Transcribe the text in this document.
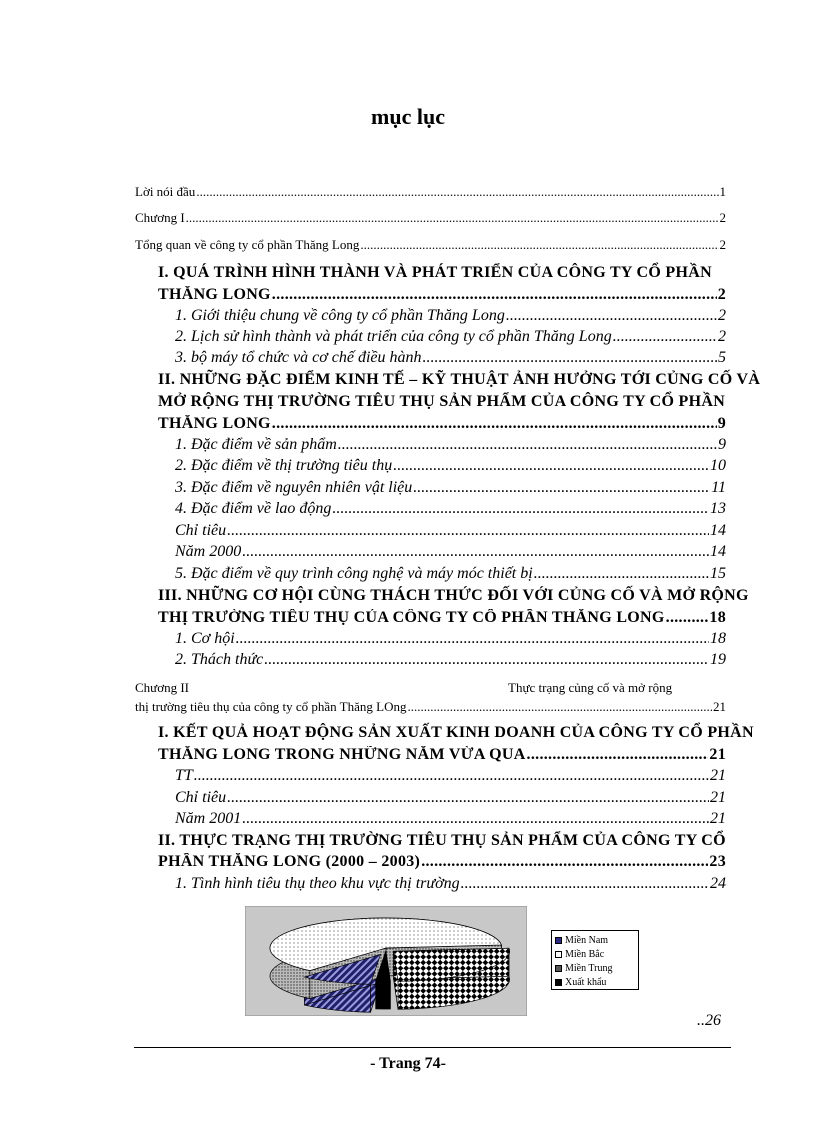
mục lục
Lời nói đầu .....	1
Chương I .....	2
Tổng quan về công ty cổ phần Thăng Long .....	2
I. QUÁ TRÌNH HÌNH THÀNH VÀ PHÁT TRIỂN CỦA CÔNG TY CỔ PHẦN
THĂNG LONG .....	2
1. Giới thiệu chung về công ty cổ phần Thăng Long .....	2
2. Lịch sử hình thành và phát triển của công ty cổ phần Thăng Long .....	2
3. bộ máy tổ chức và cơ chế điều hành .....	5
II. NHỮNG ĐẶC ĐIỂM KINH TẾ – KỸ THUẬT ẢNH HƯỞNG TỚI CỦNG CỐ VÀ
MỞ RỘNG THỊ TRƯỜNG TIÊU THỤ SẢN PHẨM CỦA CÔNG TY CỔ PHẦN
THĂNG LONG .....	9
1. Đặc điểm về sản phẩm .....	9
2. Đặc điểm về thị trường tiêu thụ .....	10
3. Đặc điểm về nguyên nhiên vật liệu .....	11
4. Đặc điểm về lao động .....	13
Chỉ tiêu .....	14
Năm 2000 .....	14
5. Đặc điểm về quy trình công nghệ và máy móc thiết bị .....	15
III. NHỮNG CƠ HỘI CÙNG THÁCH THỨC ĐỐI VỚI CỦNG CỐ VÀ MỞ RỘNG
THỊ TRƯỜNG TIÊU THỤ CỦA CÔNG TY CỔ PHẦN THĂNG LONG .....	18
1. Cơ hội .....	18
2. Thách thức .....	19
Chương II	Thực trạng củng cố và mở rộng
thị trường tiêu thụ của công ty cổ phần Thăng LOng .....	21
I. KẾT QUẢ HOẠT ĐỘNG SẢN XUẤT KINH DOANH CỦA CÔNG TY CỔ PHẦN
THĂNG LONG TRONG NHỮNG NĂM VỪA QUA .....	21
TT .....	21
Chỉ tiêu .....	21
Năm 2001 .....	21
II. THỰC TRẠNG THỊ TRƯỜNG TIÊU THỤ SẢN PHẨM CỦA CÔNG TY CỔ
PHẦN THĂNG LONG (2000 – 2003) .....	23
1. Tình hình tiêu thụ theo khu vực thị trường .....	24
Miền Nam
Miền Bắc
Miền Trung
Xuất khẩu
..26
- Trang 74-
